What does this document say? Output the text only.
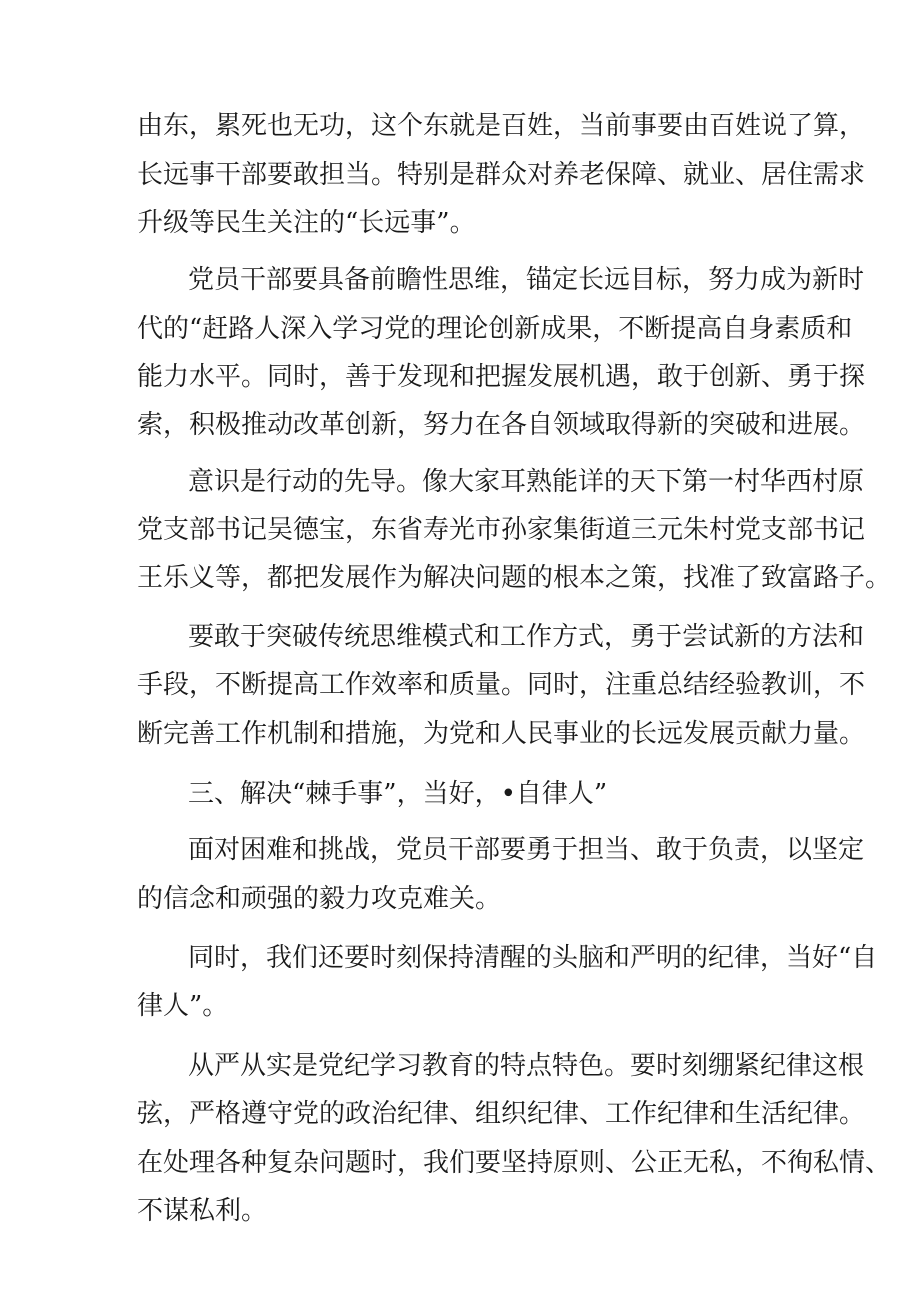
由东，累死也无功，这个东就是百姓，当前事要由百姓说了算，

长远事干部要敢担当。特别是群众对养老保障、就业、居住需求

升级等民生关注的“长远事”。

党员干部要具备前瞻性思维，锚定长远目标，努力成为新时

代的“赶路人深入学习党的理论创新成果，不断提高自身素质和

能力水平。同时，善于发现和把握发展机遇，敢于创新、勇于探

索，积极推动改革创新，努力在各自领域取得新的突破和进展。

意识是行动的先导。像大家耳熟能详的天下第一村华西村原

党支部书记吴德宝，东省寿光市孙家集街道三元朱村党支部书记

王乐义等，都把发展作为解决问题的根本之策，找准了致富路子。

要敢于突破传统思维模式和工作方式，勇于尝试新的方法和

手段，不断提高工作效率和质量。同时，注重总结经验教训，不

断完善工作机制和措施，为党和人民事业的长远发展贡献力量。

三、解决“棘手事”，当好，•自律人”

面对困难和挑战，党员干部要勇于担当、敢于负责，以坚定

的信念和顽强的毅力攻克难关。

同时，我们还要时刻保持清醒的头脑和严明的纪律，当好“自

律人”。

从严从实是党纪学习教育的特点特色。要时刻绷紧纪律这根

弦，严格遵守党的政治纪律、组织纪律、工作纪律和生活纪律。

在处理各种复杂问题时，我们要坚持原则、公正无私，不徇私情、

不谋私利。
